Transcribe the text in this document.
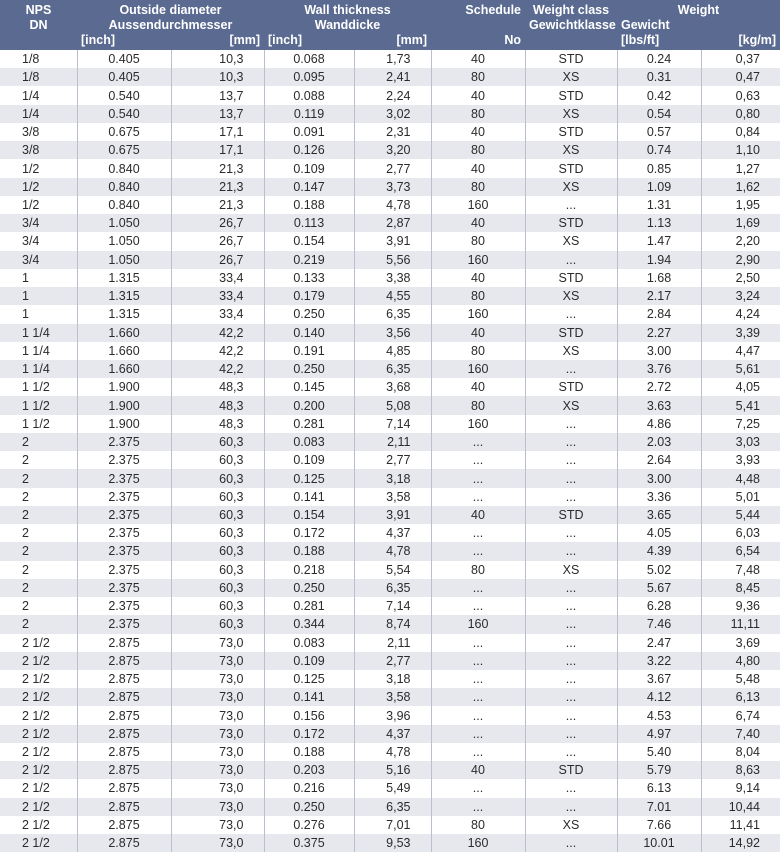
NPS	Outside diameter		Wall thickness		Schedule	Weight class	Weight	
DN	Aussendurchmesser		Wanddicke			Gewichtklasse	Gewicht	
	[inch]	[mm]	[inch]	[mm]	No		[lbs/ft]	[kg/m]
1/8	0.405	10,3	0.068	1,73	40	STD	0.24	0,37
1/8	0.405	10,3	0.095	2,41	80	XS	0.31	0,47
1/4	0.540	13,7	0.088	2,24	40	STD	0.42	0,63
1/4	0.540	13,7	0.119	3,02	80	XS	0.54	0,80
3/8	0.675	17,1	0.091	2,31	40	STD	0.57	0,84
3/8	0.675	17,1	0.126	3,20	80	XS	0.74	1,10
1/2	0.840	21,3	0.109	2,77	40	STD	0.85	1,27
1/2	0.840	21,3	0.147	3,73	80	XS	1.09	1,62
1/2	0.840	21,3	0.188	4,78	160	...	1.31	1,95
3/4	1.050	26,7	0.113	2,87	40	STD	1.13	1,69
3/4	1.050	26,7	0.154	3,91	80	XS	1.47	2,20
3/4	1.050	26,7	0.219	5,56	160	...	1.94	2,90
1	1.315	33,4	0.133	3,38	40	STD	1.68	2,50
1	1.315	33,4	0.179	4,55	80	XS	2.17	3,24
1	1.315	33,4	0.250	6,35	160	...	2.84	4,24
1 1/4	1.660	42,2	0.140	3,56	40	STD	2.27	3,39
1 1/4	1.660	42,2	0.191	4,85	80	XS	3.00	4,47
1 1/4	1.660	42,2	0.250	6,35	160	...	3.76	5,61
1 1/2	1.900	48,3	0.145	3,68	40	STD	2.72	4,05
1 1/2	1.900	48,3	0.200	5,08	80	XS	3.63	5,41
1 1/2	1.900	48,3	0.281	7,14	160	...	4.86	7,25
2	2.375	60,3	0.083	2,11	...	...	2.03	3,03
2	2.375	60,3	0.109	2,77	...	...	2.64	3,93
2	2.375	60,3	0.125	3,18	...	...	3.00	4,48
2	2.375	60,3	0.141	3,58	...	...	3.36	5,01
2	2.375	60,3	0.154	3,91	40	STD	3.65	5,44
2	2.375	60,3	0.172	4,37	...	...	4.05	6,03
2	2.375	60,3	0.188	4,78	...	...	4.39	6,54
2	2.375	60,3	0.218	5,54	80	XS	5.02	7,48
2	2.375	60,3	0.250	6,35	...	...	5.67	8,45
2	2.375	60,3	0.281	7,14	...	...	6.28	9,36
2	2.375	60,3	0.344	8,74	160	...	7.46	11,11
2 1/2	2.875	73,0	0.083	2,11	...	...	2.47	3,69
2 1/2	2.875	73,0	0.109	2,77	...	...	3.22	4,80
2 1/2	2.875	73,0	0.125	3,18	...	...	3.67	5,48
2 1/2	2.875	73,0	0.141	3,58	...	...	4.12	6,13
2 1/2	2.875	73,0	0.156	3,96	...	...	4.53	6,74
2 1/2	2.875	73,0	0.172	4,37	...	...	4.97	7,40
2 1/2	2.875	73,0	0.188	4,78	...	...	5.40	8,04
2 1/2	2.875	73,0	0.203	5,16	40	STD	5.79	8,63
2 1/2	2.875	73,0	0.216	5,49	...	...	6.13	9,14
2 1/2	2.875	73,0	0.250	6,35	...	...	7.01	10,44
2 1/2	2.875	73,0	0.276	7,01	80	XS	7.66	11,41
2 1/2	2.875	73,0	0.375	9,53	160	...	10.01	14,92
